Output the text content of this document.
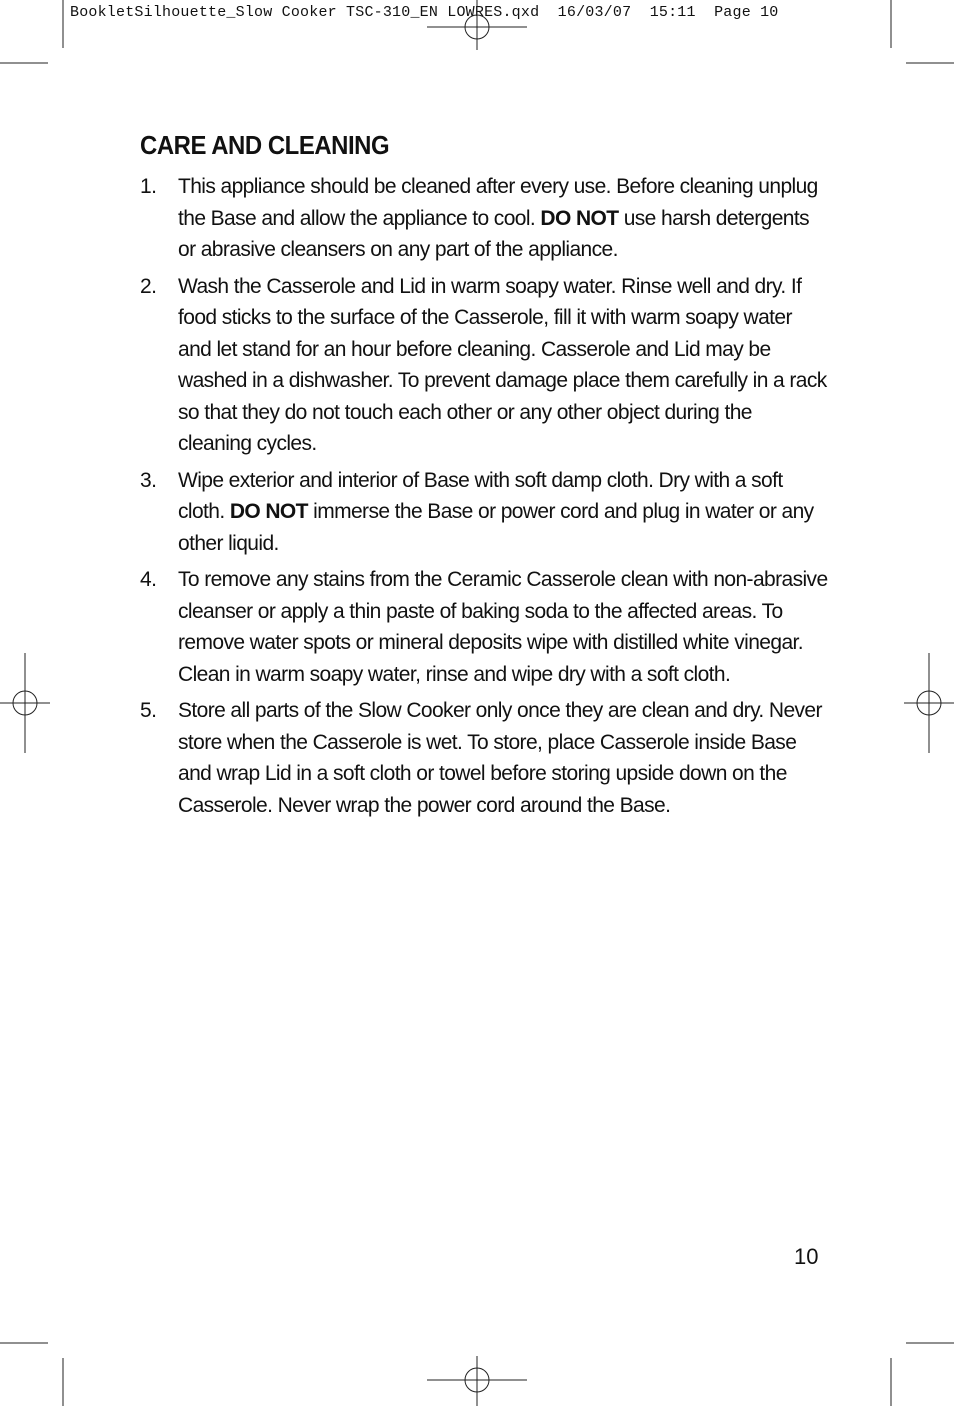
BookletSilhouette_Slow Cooker TSC-310_EN LOWRES.qxd  16/03/07  15:11  Page 10
CARE AND CLEANING
1. This appliance should be cleaned after every use. Before cleaning unplug the Base and allow the appliance to cool. DO NOT use harsh detergents or abrasive cleansers on any part of the appliance.
2. Wash the Casserole and Lid in warm soapy water. Rinse well and dry. If food sticks to the surface of the Casserole, fill it with warm soapy water and let stand for an hour before cleaning. Casserole and Lid may be washed in a dishwasher. To prevent damage place them carefully in a rack so that they do not touch each other or any other object during the cleaning cycles.
3. Wipe exterior and interior of Base with soft damp cloth. Dry with a soft cloth. DO NOT immerse the Base or power cord and plug in water or any other liquid.
4. To remove any stains from the Ceramic Casserole clean with non-abrasive cleanser or apply a thin paste of baking soda to the affected areas. To remove water spots or mineral deposits wipe with distilled white vinegar. Clean in warm soapy water, rinse and wipe dry with a soft cloth.
5. Store all parts of the Slow Cooker only once they are clean and dry. Never store when the Casserole is wet. To store, place Casserole inside Base and wrap Lid in a soft cloth or towel before storing upside down on the Casserole. Never wrap the power cord around the Base.
10
